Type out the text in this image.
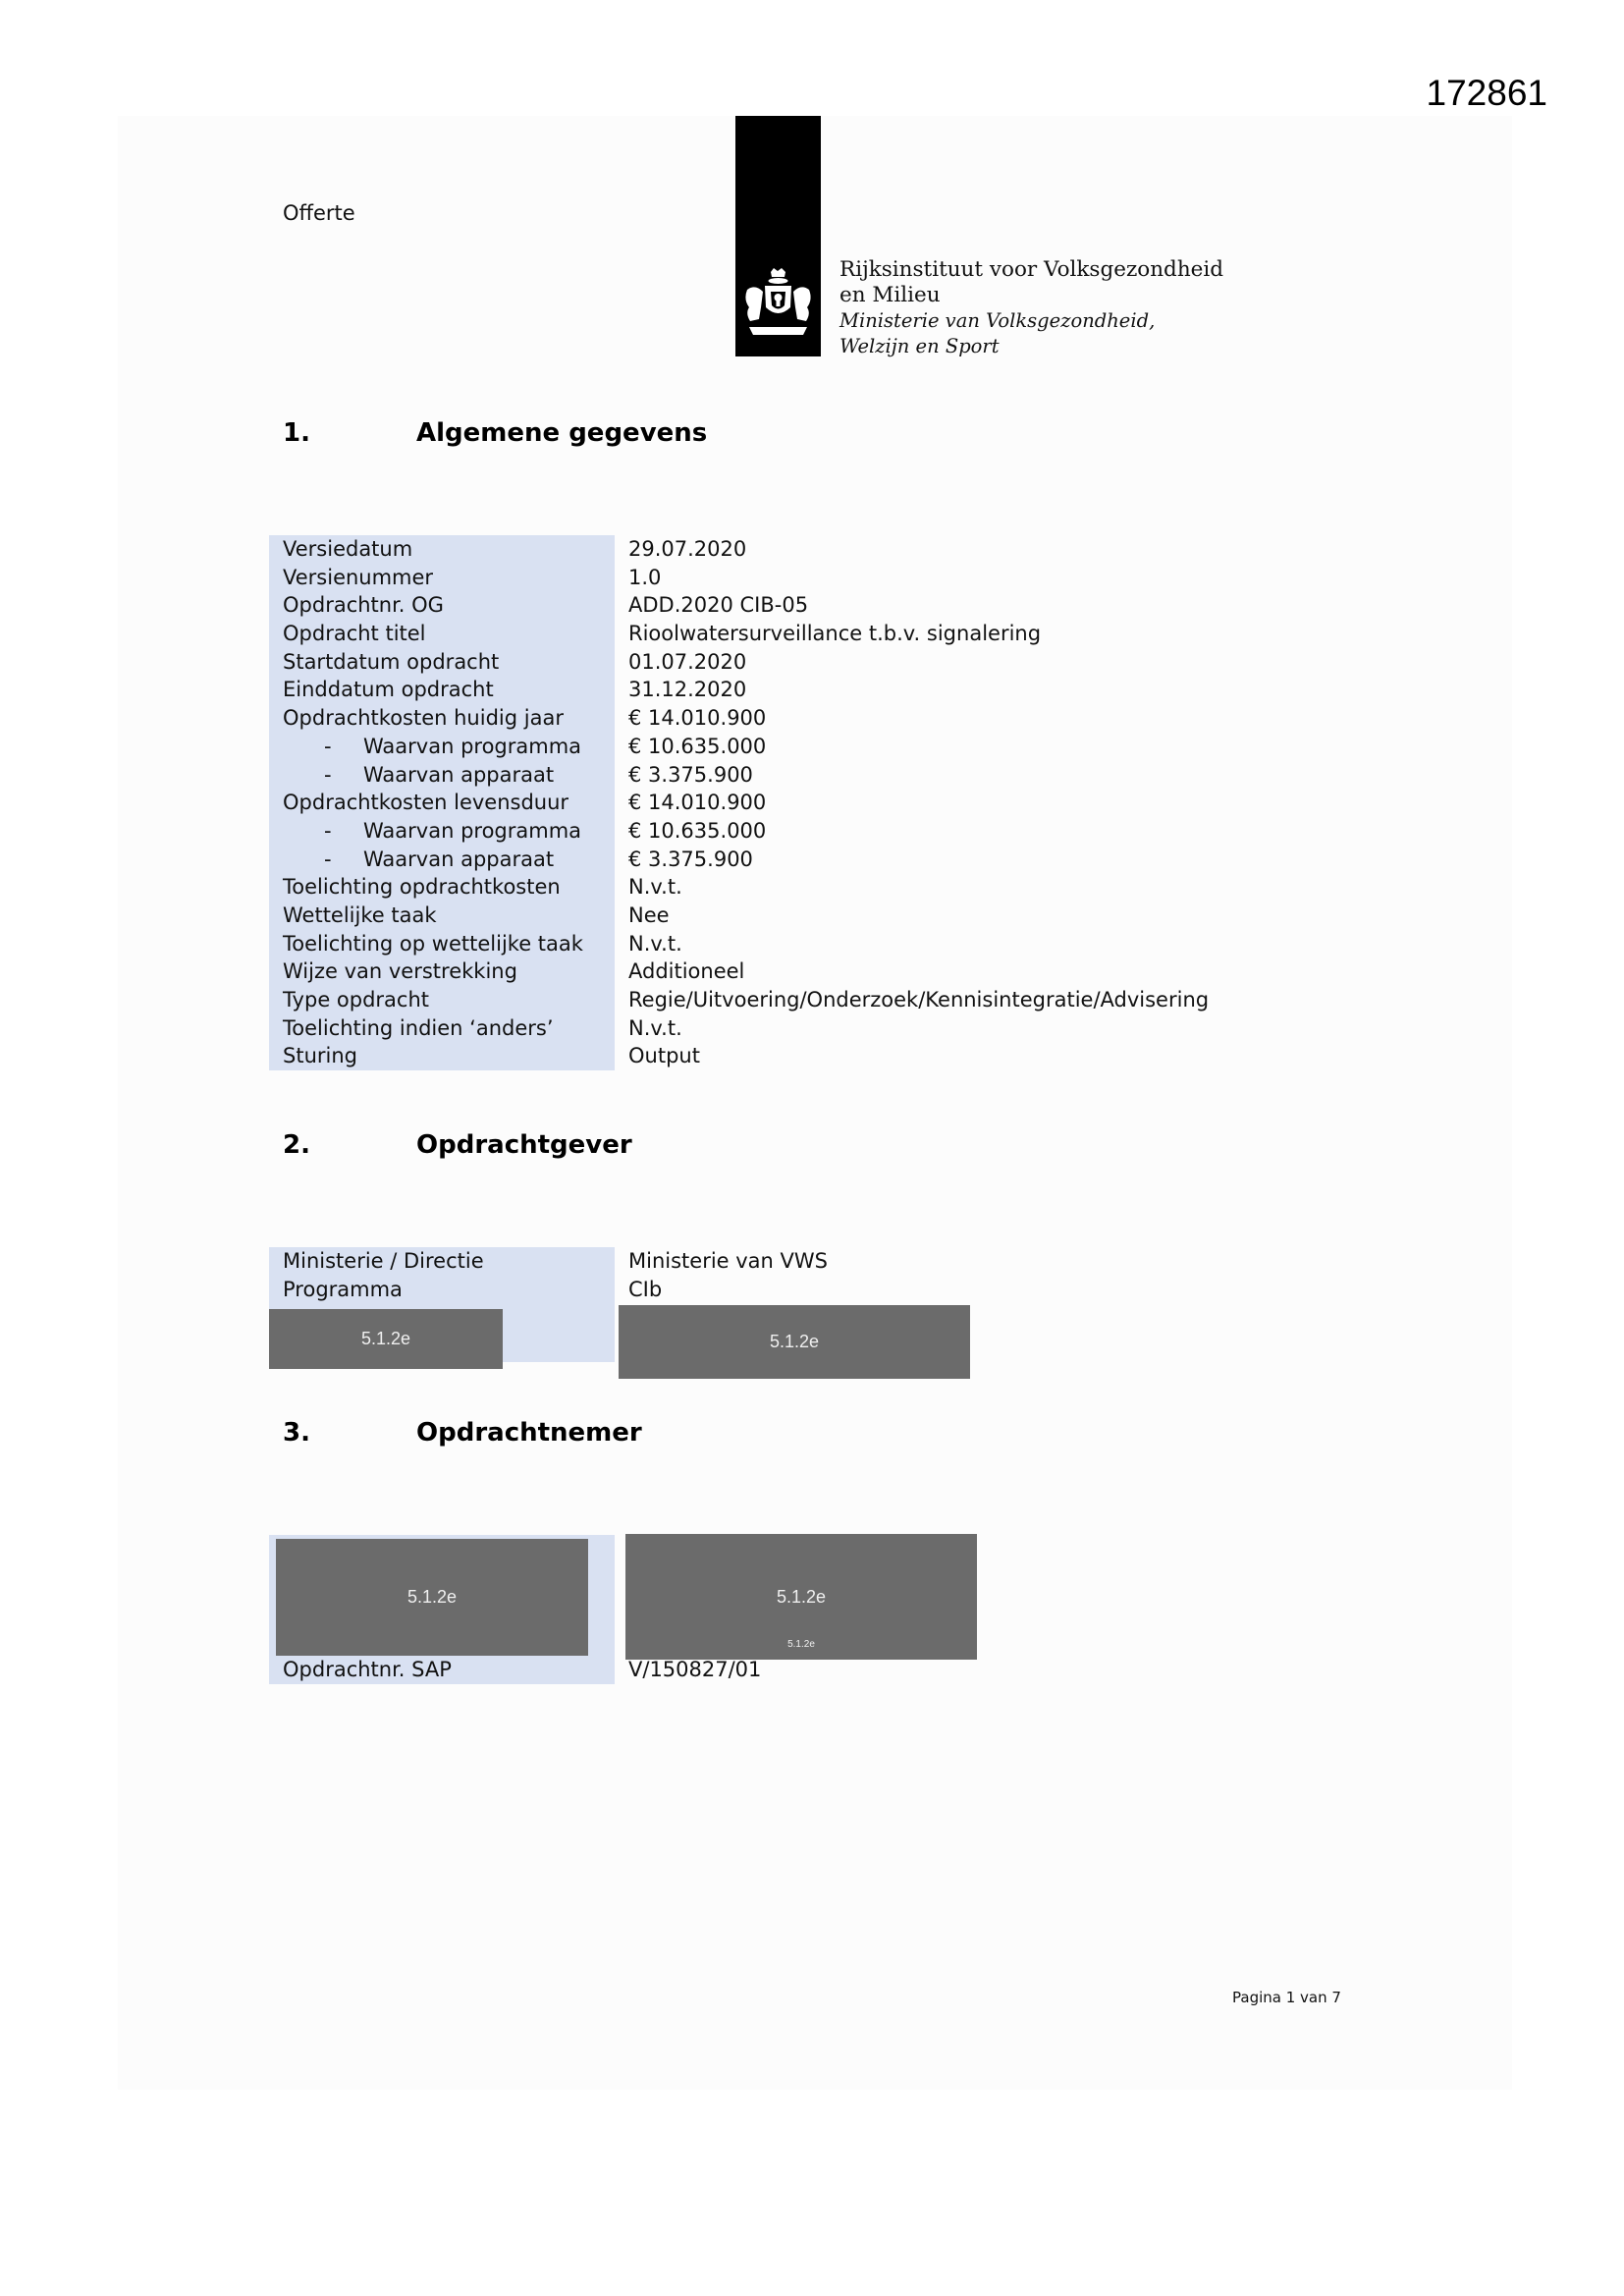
172861
Offerte
Rijksinstituut voor Volksgezondheid
en Milieu
Ministerie van Volksgezondheid,
Welzijn en Sport
1.	Algemene gegevens
Versiedatum	29.07.2020
Versienummer	1.0
Opdrachtnr. OG	ADD.2020 CIB-05
Opdracht titel	Rioolwatersurveillance t.b.v. signalering
Startdatum opdracht	01.07.2020
Einddatum opdracht	31.12.2020
Opdrachtkosten huidig jaar	€ 14.010.900
- Waarvan programma	€ 10.635.000
- Waarvan apparaat	€ 3.375.900
Opdrachtkosten levensduur	€ 14.010.900
- Waarvan programma	€ 10.635.000
- Waarvan apparaat	€ 3.375.900
Toelichting opdrachtkosten	N.v.t.
Wettelijke taak	Nee
Toelichting op wettelijke taak	N.v.t.
Wijze van verstrekking	Additioneel
Type opdracht	Regie/Uitvoering/Onderzoek/Kennisintegratie/Advisering
Toelichting indien ‘anders’	N.v.t.
Sturing	Output
2.	Opdrachtgever
Ministerie / Directie	Ministerie van VWS
Programma	CIb
5.1.2e	5.1.2e
3.	Opdrachtnemer
5.1.2e	5.1.2e
5.1.2e
Opdrachtnr. SAP	V/150827/01
Pagina 1 van 7
